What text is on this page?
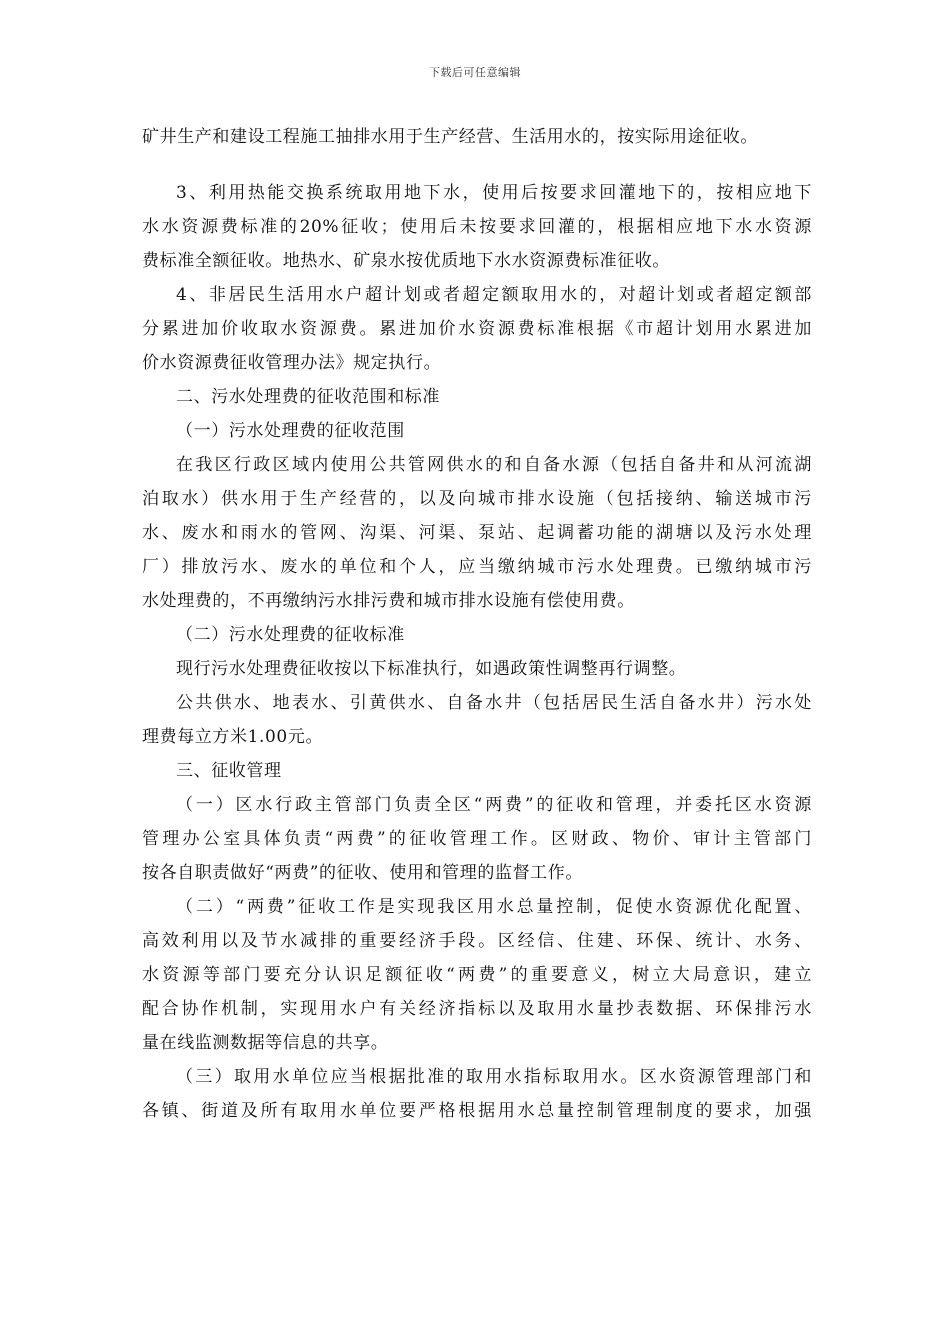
下载后可任意编辑
矿井生产和建设工程施工抽排水用于生产经营、生活用水的，按实际用途征收。
3、利用热能交换系统取用地下水，使用后按要求回灌地下的，按相应地下
水水资源费标准的20%征收；使用后未按要求回灌的，根据相应地下水水资源
费标准全额征收。地热水、矿泉水按优质地下水水资源费标准征收。
4、非居民生活用水户超计划或者超定额取用水的，对超计划或者超定额部
分累进加价收取水资源费。累进加价水资源费标准根据《市超计划用水累进加
价水资源费征收管理办法》规定执行。
二、污水处理费的征收范围和标准
（一）污水处理费的征收范围
在我区行政区域内使用公共管网供水的和自备水源（包括自备井和从河流湖
泊取水）供水用于生产经营的，以及向城市排水设施（包括接纳、输送城市污
水、废水和雨水的管网、沟渠、河渠、泵站、起调蓄功能的湖塘以及污水处理
厂）排放污水、废水的单位和个人，应当缴纳城市污水处理费。已缴纳城市污
水处理费的，不再缴纳污水排污费和城市排水设施有偿使用费。
（二）污水处理费的征收标准
现行污水处理费征收按以下标准执行，如遇政策性调整再行调整。
公共供水、地表水、引黄供水、自备水井（包括居民生活自备水井）污水处
理费每立方米1.00元。
三、征收管理
（一）区水行政主管部门负责全区“两费”的征收和管理，并委托区水资源
管理办公室具体负责“两费”的征收管理工作。区财政、物价、审计主管部门
按各自职责做好“两费”的征收、使用和管理的监督工作。
（二）“两费”征收工作是实现我区用水总量控制，促使水资源优化配置、
高效利用以及节水减排的重要经济手段。区经信、住建、环保、统计、水务、
水资源等部门要充分认识足额征收“两费”的重要意义，树立大局意识，建立
配合协作机制，实现用水户有关经济指标以及取用水量抄表数据、环保排污水
量在线监测数据等信息的共享。
（三）取用水单位应当根据批准的取用水指标取用水。区水资源管理部门和
各镇、街道及所有取用水单位要严格根据用水总量控制管理制度的要求，加强
